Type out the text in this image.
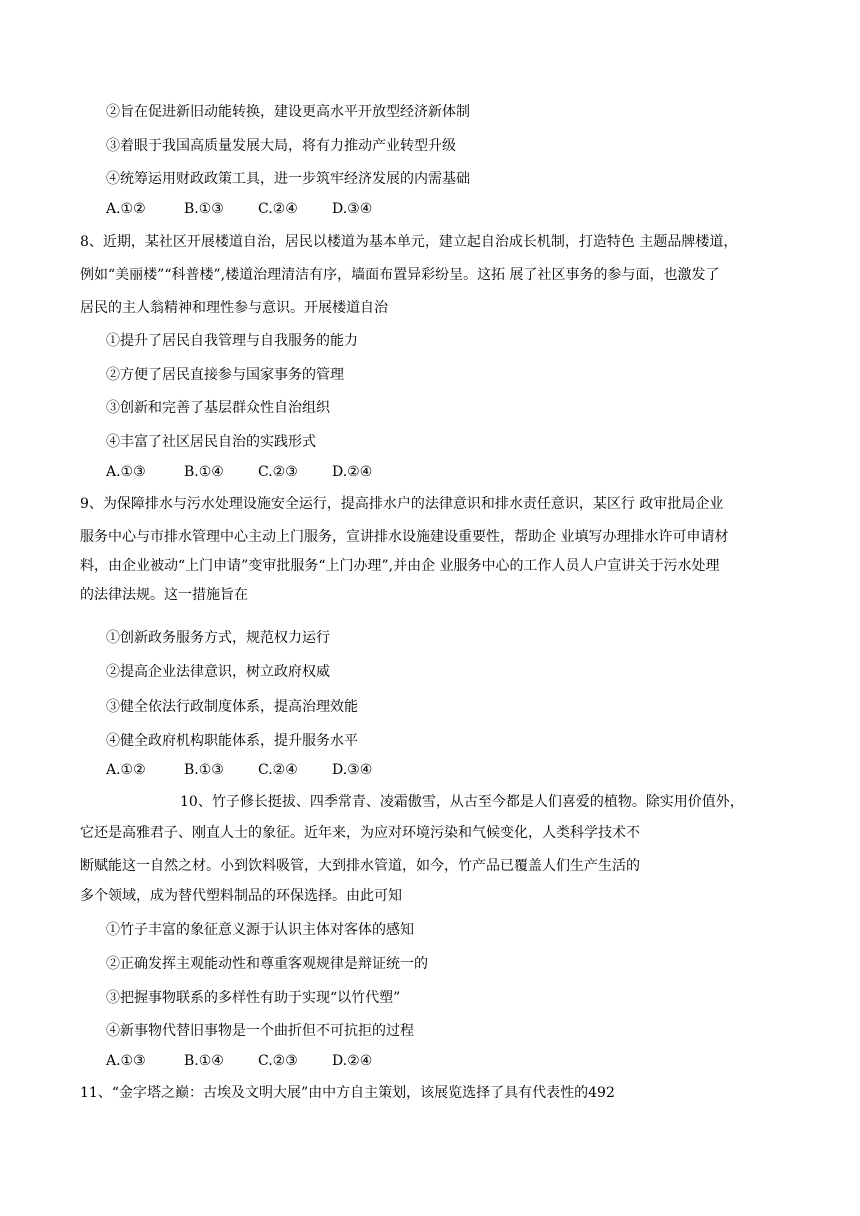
②旨在促进新旧动能转换，建设更高水平开放型经济新体制
③着眼于我国高质量发展大局，将有力推动产业转型升级
④统筹运用财政政策工具，进一步筑牢经济发展的内需基础
A.①②	B.①③ C.②④ D.③④
8、近期，某社区开展楼道自治，居民以楼道为基本单元，建立起自治成长机制，打造特色 主题品牌楼道，
例如“美丽楼”“科普楼”,楼道治理清洁有序，墙面布置异彩纷呈。这拓 展了社区事务的参与面，也激发了
居民的主人翁精神和理性参与意识。开展楼道自治
①提升了居民自我管理与自我服务的能力
②方便了居民直接参与国家事务的管理
③创新和完善了基层群众性自治组织
④丰富了社区居民自治的实践形式
A.①③	B.①④ C.②③ D.②④
9、为保障排水与污水处理设施安全运行，提高排水户的法律意识和排水责任意识，某区行 政审批局企业
服务中心与市排水管理中心主动上门服务，宣讲排水设施建设重要性，帮助企 业填写办理排水许可申请材
料，由企业被动“上门申请”变审批服务“上门办理”,并由企 业服务中心的工作人员人户宣讲关于污水处理
的法律法规。这一措施旨在
①创新政务服务方式，规范权力运行
②提高企业法律意识，树立政府权威
③健全依法行政制度体系，提高治理效能
④健全政府机构职能体系，提升服务水平
A.①②	B.①③ C.②④ D.③④
10、竹子修长挺拔、四季常青、凌霜傲雪，从古至今都是人们喜爱的植物。除实用价值外，
它还是高雅君子、刚直人士的象征。近年来，为应对环境污染和气候变化，人类科学技术不
断赋能这一自然之材。小到饮料吸管，大到排水管道，如今，竹产品已覆盖人们生产生活的
多个领域，成为替代塑料制品的环保选择。由此可知
①竹子丰富的象征意义源于认识主体对客体的感知
②正确发挥主观能动性和尊重客观规律是辩证统一的
③把握事物联系的多样性有助于实现“以竹代塑”
④新事物代替旧事物是一个曲折但不可抗拒的过程
A.①③	B.①④ C.②③ D.②④
11、“金字塔之巅：古埃及文明大展”由中方自主策划，该展览选择了具有代表性的492
